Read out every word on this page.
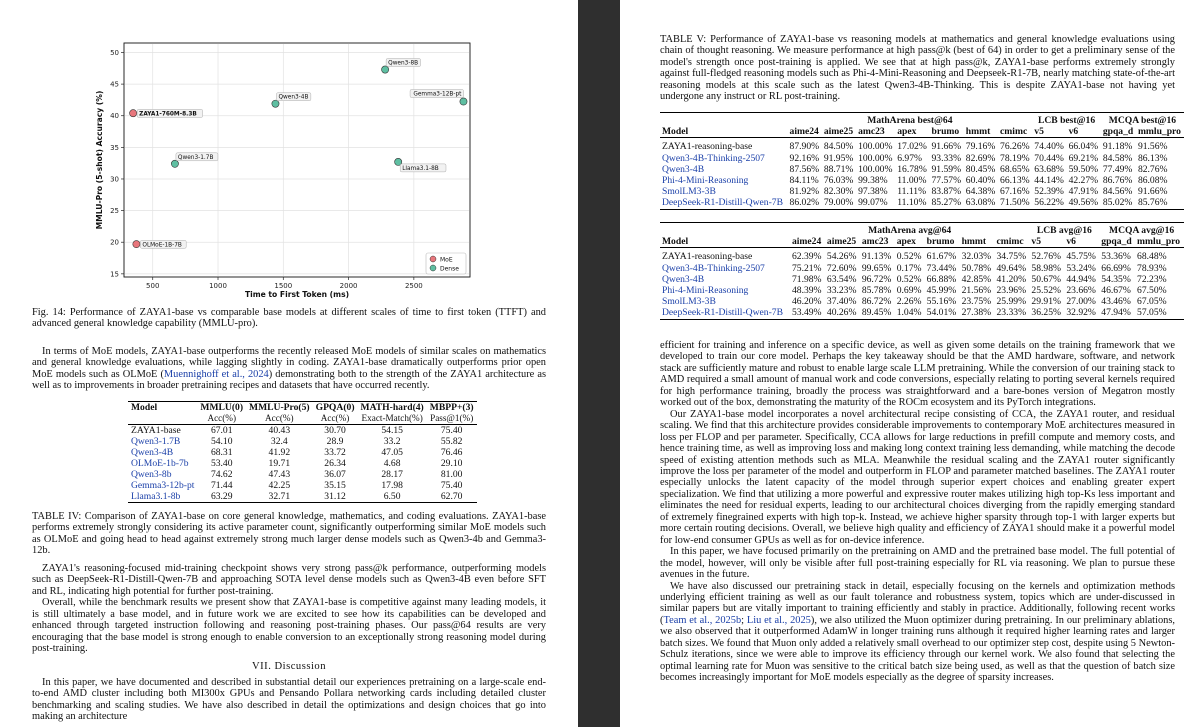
15
20
25
30
35
40
45
50
500	1000	1500	2000	2500
Time to First Token (ms)
MMLU-Pro (5-shot) Accuracy (%)	ZAYA1-760M-8.3B
OLMoE-1B-7B
Qwen3-1.7B
Qwen3-4B
Qwen3-8B
Gemma3-12B-pt
Llama3.1-8B
MoE
Dense

Fig. 14: Performance of ZAYA1-base vs comparable base models at different scales of time to first token (TTFT) and advanced general knowledge capability (MMLU-pro).

In terms of MoE models, ZAYA1-base outperforms the recently released MoE models of similar scales on mathematics and general knowledge evaluations, while lagging slightly in coding. ZAYA1-base dramatically outperforms prior open MoE models such as OLMoE (Muennighoff et al., 2024) demonstrating both to the strength of the ZAYA1 architecture as well as to improvements in broader pretraining recipes and datasets that have occurred recently.

Model	MMLU(0)	MMLU-Pro(5)	GPQA(0)	MATH-hard(4)	MBPP+(3)
	Acc(%)	Acc(%)	Acc(%)	Exact-Match(%)	Pass@1(%)
ZAYA1-base	67.01	40.43	30.70	54.15	75.40
Qwen3-1.7B	54.10	32.4	28.9	33.2	55.82
Qwen3-4B	68.31	41.92	33.72	47.05	76.46
OLMoE-1b-7b	53.40	19.71	26.34	4.68	29.10
Qwen3-8b	74.62	47.43	36.07	28.17	81.00
Gemma3-12b-pt	71.44	42.25	35.15	17.98	75.40
Llama3.1-8b	63.29	32.71	31.12	6.50	62.70

TABLE IV: Comparison of ZAYA1-base on core general knowledge, mathematics, and coding evaluations. ZAYA1-base performs extremely strongly considering its active parameter count, significantly outperforming similar MoE models such as OLMoE and going head to head against extremely strong much larger dense models such as Qwen3-4b and Gemma3-12b.

ZAYA1's reasoning-focused mid-training checkpoint shows very strong pass@k performance, outperforming models such as DeepSeek-R1-Distill-Qwen-7B and approaching SOTA level dense models such as Qwen3-4B even before SFT and RL, indicating high potential for further post-training.

Overall, while the benchmark results we present show that ZAYA1-base is competitive against many leading models, it is still ultimately a base model, and in future work we are excited to see how its capabilities can be developed and enhanced through targeted instruction following and reasoning post-training phases. Our pass@64 results are very encouraging that the base model is strong enough to enable conversion to an exceptionally strong reasoning model during post-training.

VII. Discussion

In this paper, we have documented and described in substantial detail our experiences pretraining on a large-scale end-to-end AMD cluster including both MI300x GPUs and Pensando Pollara networking cards including detailed cluster benchmarking and scaling studies. We have also described in detail the optimizations and design choices that go into making an architecture

TABLE V: Performance of ZAYA1-base vs reasoning models at mathematics and general knowledge evaluations using chain of thought reasoning. We measure performance at high pass@k (best of 64) in order to get a preliminary sense of the model's strength once post-training is applied. We see that at high pass@k, ZAYA1-base performs extremely strongly against full-fledged reasoning models such as Phi-4-Mini-Reasoning and Deepseek-R1-7B, nearly matching state-of-the-art reasoning models at this scale such as the latest Qwen3-4B-Thinking. This is despite ZAYA1-base not having yet undergone any instruct or RL post-training.

	MathArena best@64							LCB best@16		MCQA best@16	
Model	aime24	aime25	amc23	apex	brumo	hmmt	cmimc	v5	v6	gpqa_d	mmlu_pro
ZAYA1-reasoning-base	87.90%	84.50%	100.00%	17.02%	91.66%	79.16%	76.26%	74.40%	66.04%	91.18%	91.56%
Qwen3-4B-Thinking-2507	92.16%	91.95%	100.00%	6.97%	93.33%	82.69%	78.19%	70.44%	69.21%	84.58%	86.13%
Qwen3-4B	87.56%	88.71%	100.00%	16.78%	91.59%	80.45%	68.65%	63.68%	59.50%	77.49%	82.76%
Phi-4-Mini-Reasoning	84.11%	76.03%	99.38%	11.00%	77.57%	60.40%	66.13%	44.14%	42.27%	86.76%	86.08%
SmolLM3-3B	81.92%	82.30%	97.38%	11.11%	83.87%	64.38%	67.16%	52.39%	47.91%	84.56%	91.66%
DeepSeek-R1-Distill-Qwen-7B	86.02%	79.00%	99.07%	11.10%	85.27%	63.08%	71.50%	56.22%	49.56%	85.02%	85.76%
	MathArena avg@64							LCB avg@16		MCQA avg@16	
Model	aime24	aime25	amc23	apex	brumo	hmmt	cmimc	v5	v6	gpqa_d	mmlu_pro
ZAYA1-reasoning-base	62.39%	54.26%	91.13%	0.52%	61.67%	32.03%	34.75%	52.76%	45.75%	53.36%	68.48%
Qwen3-4B-Thinking-2507	75.21%	72.60%	99.65%	0.17%	73.44%	50.78%	49.64%	58.98%	53.24%	66.69%	78.93%
Qwen3-4B	71.98%	63.54%	96.72%	0.52%	66.88%	42.85%	41.20%	50.67%	44.94%	54.35%	72.23%
Phi-4-Mini-Reasoning	48.39%	33.23%	85.78%	0.69%	45.99%	21.56%	23.96%	25.52%	23.66%	46.67%	67.50%
SmolLM3-3B	46.20%	37.40%	86.72%	2.26%	55.16%	23.75%	25.99%	29.91%	27.00%	43.46%	67.05%
DeepSeek-R1-Distill-Qwen-7B	53.49%	40.26%	89.45%	1.04%	54.01%	27.38%	23.33%	36.25%	32.92%	47.94%	57.05%

efficient for training and inference on a specific device, as well as given some details on the training framework that we developed to train our core model. Perhaps the key takeaway should be that the AMD hardware, software, and network stack are sufficiently mature and robust to enable large scale LLM pretraining. While the conversion of our training stack to AMD required a small amount of manual work and code conversions, especially relating to porting several kernels required for high performance training, broadly the process was straightforward and a bare-bones version of Megatron mostly worked out of the box, demonstrating the maturity of the ROCm ecosystem and its PyTorch integrations.

Our ZAYA1-base model incorporates a novel architectural recipe consisting of CCA, the ZAYA1 router, and residual scaling. We find that this architecture provides considerable improvements to contemporary MoE architectures measured in loss per FLOP and per parameter. Specifically, CCA allows for large reductions in prefill compute and memory costs, and hence training time, as well as improving loss and making long context training less demanding, while matching the decode speed of existing attention methods such as MLA. Meanwhile the residual scaling and the ZAYA1 router significantly improve the loss per parameter of the model and outperform in FLOP and parameter matched baselines. The ZAYA1 router especially unlocks the latent capacity of the model through superior expert choices and enabling greater expert specialization. We find that utilizing a more powerful and expressive router makes utilizing high top-Ks less important and eliminates the need for residual experts, leading to our architectural choices diverging from the rapidly emerging standard of extremely finegrained experts with high top-k. Instead, we achieve higher sparsity through top-1 with larger experts but more certain routing decisions. Overall, we believe high quality and efficiency of ZAYA1 should make it a powerful model for low-end consumer GPUs as well as for on-device inference.

In this paper, we have focused primarily on the pretraining on AMD and the pretrained base model. The full potential of the model, however, will only be visible after full post-training especially for RL via reasoning. We plan to pursue these avenues in the future.

We have also discussed our pretraining stack in detail, especially focusing on the kernels and optimization methods underlying efficient training as well as our fault tolerance and robustness system, topics which are under-discussed in similar papers but are vitally important to training efficiently and stably in practice. Additionally, following recent works (Team et al., 2025b; Liu et al., 2025), we also utilized the Muon optimizer during pretraining. In our preliminary ablations, we also observed that it outperformed AdamW in longer training runs although it required higher learning rates and larger batch sizes. We found that Muon only added a relatively small overhead to our optimizer step cost, despite using 5 Newton-Schulz iterations, since we were able to improve its efficiency through our kernel work. We also found that selecting the optimal learning rate for Muon was sensitive to the critical batch size being used, as well as that the question of batch size becomes increasingly important for MoE models especially as the degree of sparsity increases.
